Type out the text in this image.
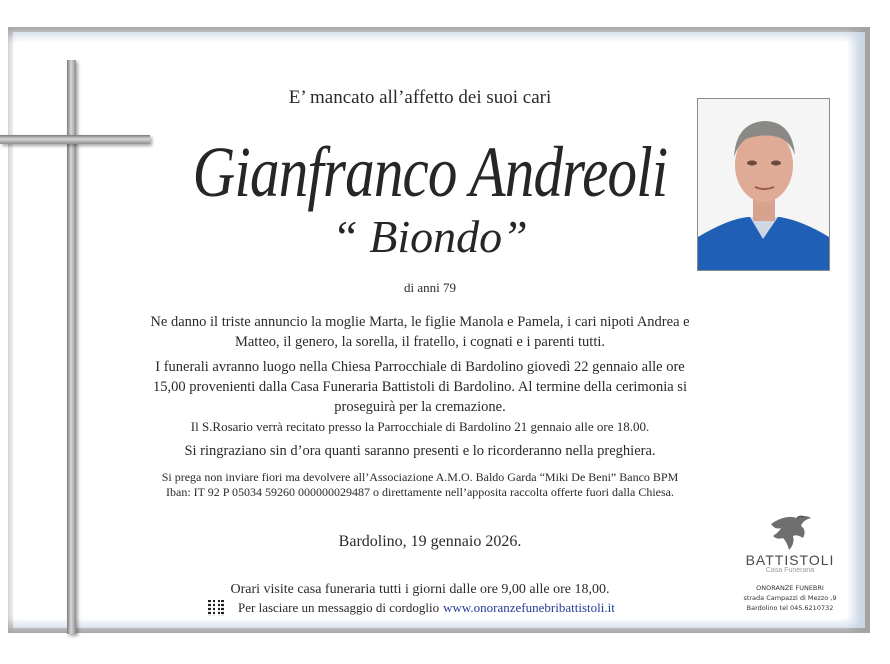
E’ mancato all’affetto dei suoi cari
Gianfranco Andreoli
“ Biondo”
di anni 79
Ne danno il triste annuncio la moglie Marta, le figlie Manola e Pamela, i cari nipoti Andrea e Matteo, il genero, la sorella, il fratello, i cognati e i parenti tutti.
I funerali avranno luogo nella Chiesa Parrocchiale di Bardolino giovedì 22 gennaio alle ore 15,00 provenienti dalla Casa Funeraria Battistoli di Bardolino. Al termine della cerimonia si proseguirà per la cremazione.
Il S.Rosario verrà recitato presso la Parrocchiale di Bardolino 21 gennaio alle ore 18.00.
Si ringraziano sin d’ora quanti saranno presenti e lo ricorderanno nella preghiera.
Si prega non inviare fiori ma devolvere all’Associazione A.M.O. Baldo Garda “Miki De Beni” Banco BPM Iban: IT 92 P 05034 59260 000000029487 o direttamente nell’apposita raccolta offerte fuori dalla Chiesa.
Bardolino, 19 gennaio 2026.
Orari visite casa funeraria tutti i giorni dalle ore 9,00 alle ore 18,00.
Per lasciare un messaggio di cordoglio www.onoranzefunebribattistoli.it
BATTISTOLI
Casa Funeraria
ONORANZE FUNEBRI
strada Campazzi di Mezzo ,9
Bardolino tel 045.6210732
